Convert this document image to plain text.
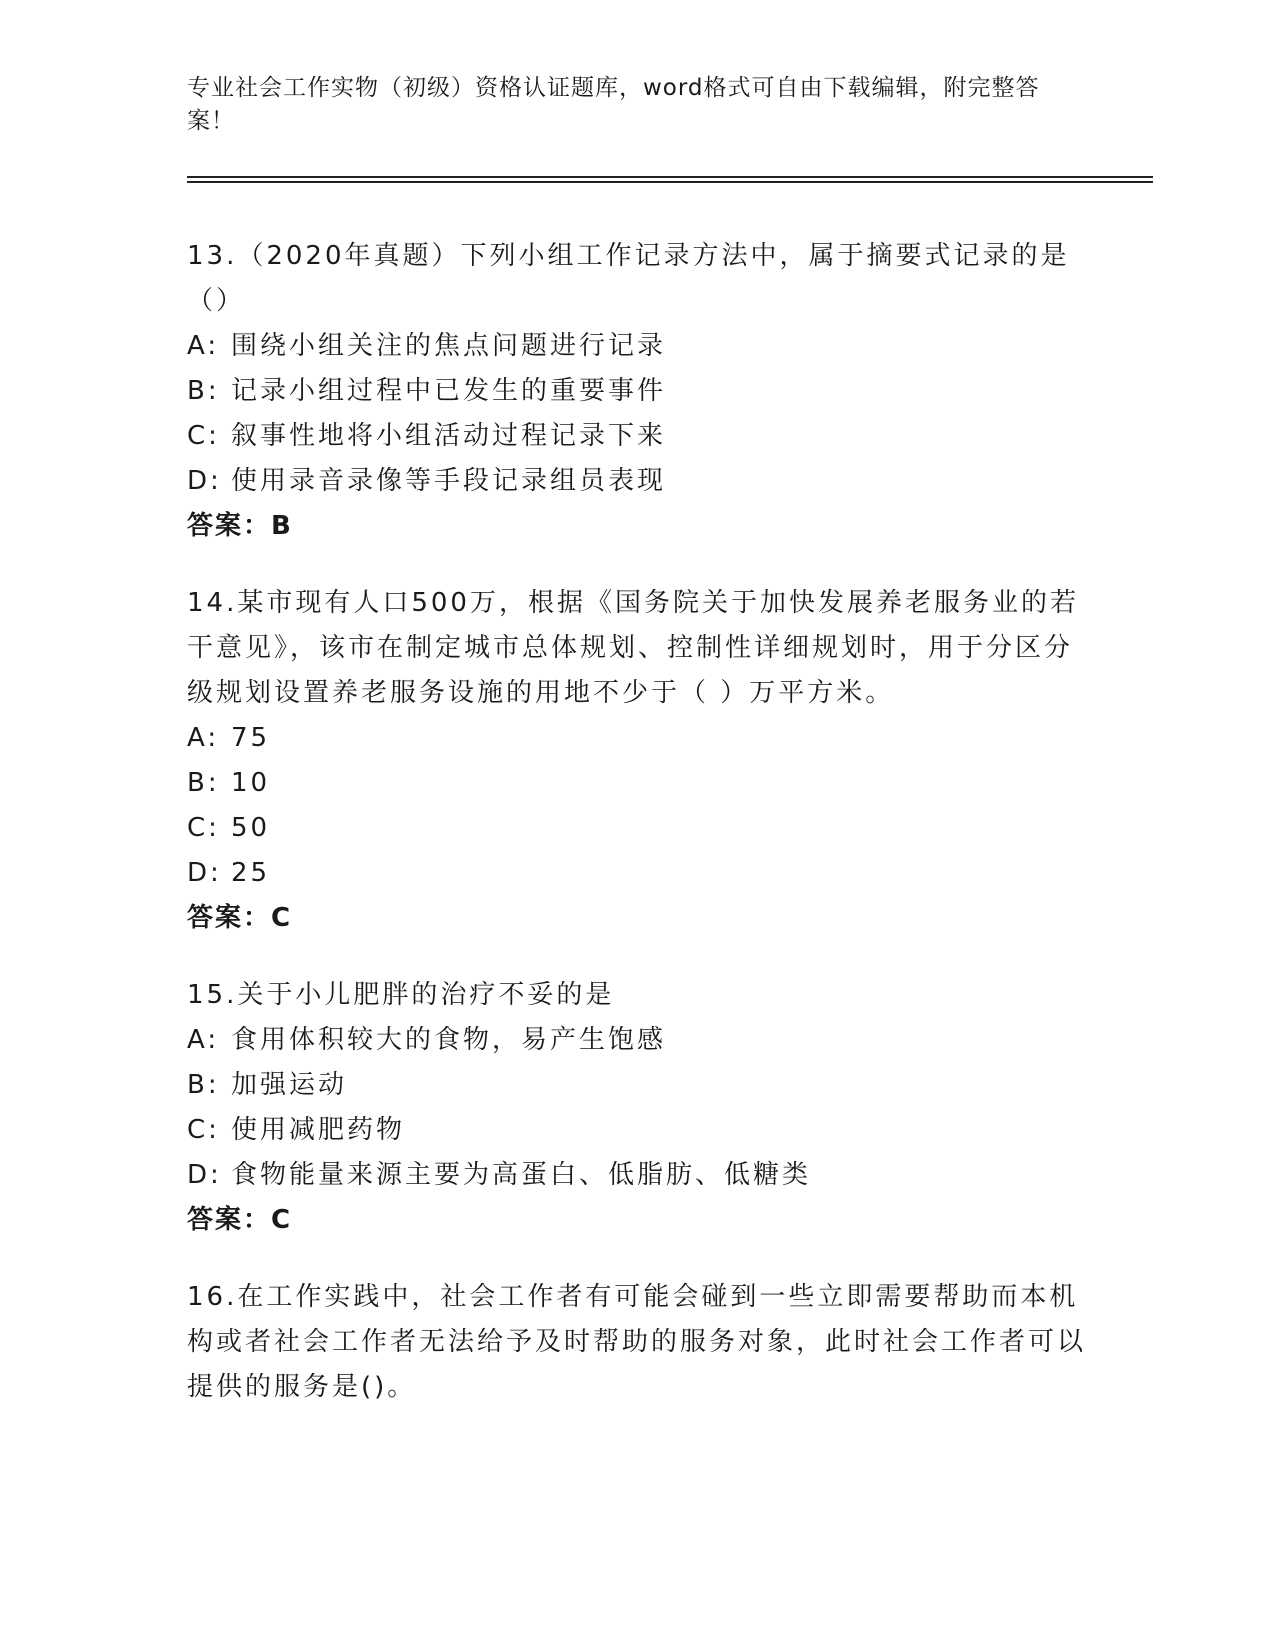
专业社会工作实物（初级）资格认证题库，word格式可自由下载编辑，附完整答案！

13.（2020年真题）下列小组工作记录方法中，属于摘要式记录的是（）

A: 围绕小组关注的焦点问题进行记录

B: 记录小组过程中已发生的重要事件

C: 叙事性地将小组活动过程记录下来

D: 使用录音录像等手段记录组员表现

答案：B

14.某市现有人口500万，根据《国务院关于加快发展养老服务业的若干意见》，该市在制定城市总体规划、控制性详细规划时，用于分区分级规划设置养老服务设施的用地不少于（ ）万平方米。

A: 75

B: 10

C: 50

D: 25

答案：C

15.关于小儿肥胖的治疗不妥的是

A: 食用体积较大的食物，易产生饱感

B: 加强运动

C: 使用减肥药物

D: 食物能量来源主要为高蛋白、低脂肪、低糖类

答案：C

16.在工作实践中，社会工作者有可能会碰到一些立即需要帮助而本机构或者社会工作者无法给予及时帮助的服务对象，此时社会工作者可以提供的服务是()。
